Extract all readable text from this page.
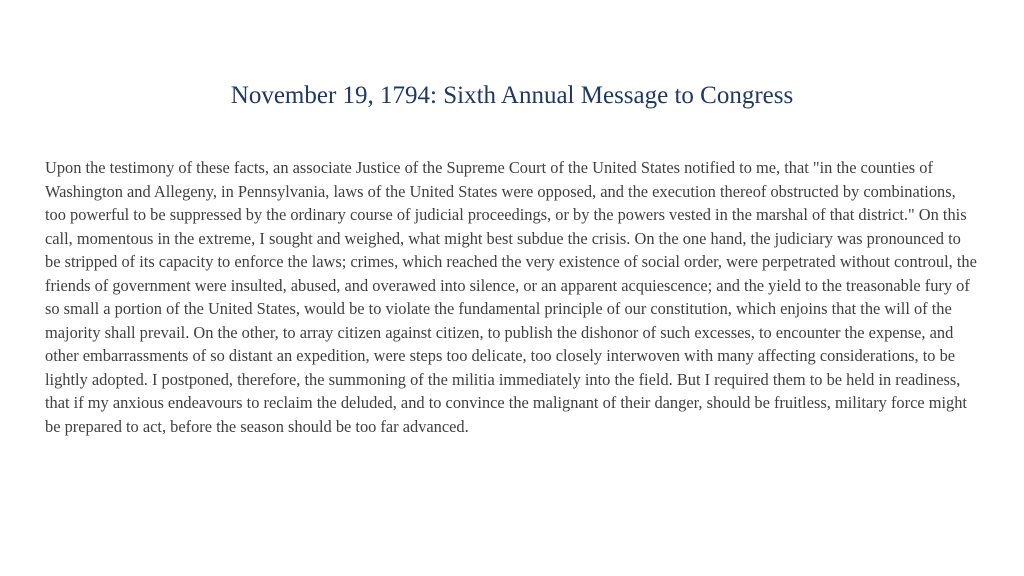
November 19, 1794: Sixth Annual Message to Congress

Upon the testimony of these facts, an associate Justice of the Supreme Court of the United States notified to me, that "in the counties of Washington and Allegeny, in Pennsylvania, laws of the United States were opposed, and the execution thereof obstructed by combinations, too powerful to be suppressed by the ordinary course of judicial proceedings, or by the powers vested in the marshal of that district." On this call, momentous in the extreme, I sought and weighed, what might best subdue the crisis. On the one hand, the judiciary was pronounced to be stripped of its capacity to enforce the laws; crimes, which reached the very existence of social order, were perpetrated without controul, the friends of government were insulted, abused, and overawed into silence, or an apparent acquiescence; and the yield to the treasonable fury of so small a portion of the United States, would be to violate the fundamental principle of our constitution, which enjoins that the will of the majority shall prevail. On the other, to array citizen against citizen, to publish the dishonor of such excesses, to encounter the expense, and other embarrassments of so distant an expedition, were steps too delicate, too closely interwoven with many affecting considerations, to be lightly adopted. I postponed, therefore, the summoning of the militia immediately into the field. But I required them to be held in readiness, that if my anxious endeavours to reclaim the deluded, and to convince the malignant of their danger, should be fruitless, military force might be prepared to act, before the season should be too far advanced.
